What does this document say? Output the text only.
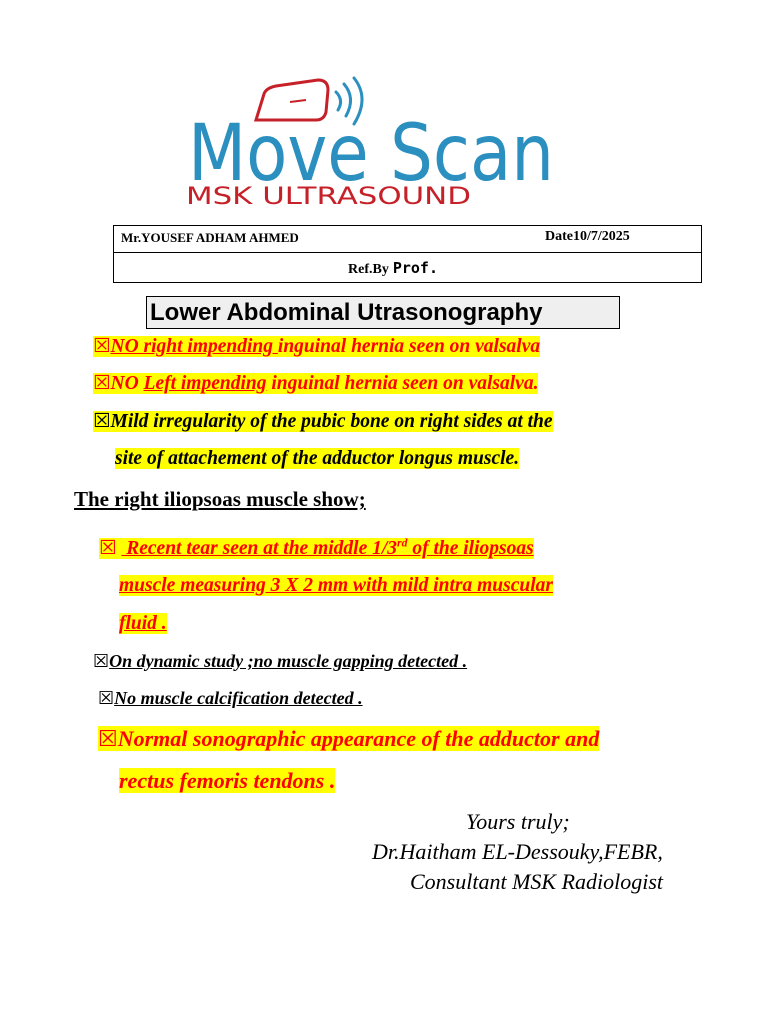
Move Scan
MSK ULTRASOUND
Mr.YOUSEF ADHAM AHMED	Date10/7/2025
Ref.By Prof.
Lower Abdominal Utrasonography
☒NO right impending inguinal hernia seen on valsalva
☒NO Left impending inguinal hernia seen on valsalva.
☒Mild irregularity of the pubic bone on right sides at the
site of attachement of the adductor longus muscle.
The right iliopsoas muscle show;
☒  Recent tear seen at the middle 1/3rd of the iliopsoas
muscle measuring 3 X 2 mm with mild intra muscular
fluid .
☒On dynamic study ;no muscle gapping detected .
☒No muscle calcification detected .
☒Normal sonographic appearance of the adductor and
rectus femoris tendons .
Yours truly;
Dr.Haitham EL-Dessouky,FEBR,
Consultant MSK Radiologist
